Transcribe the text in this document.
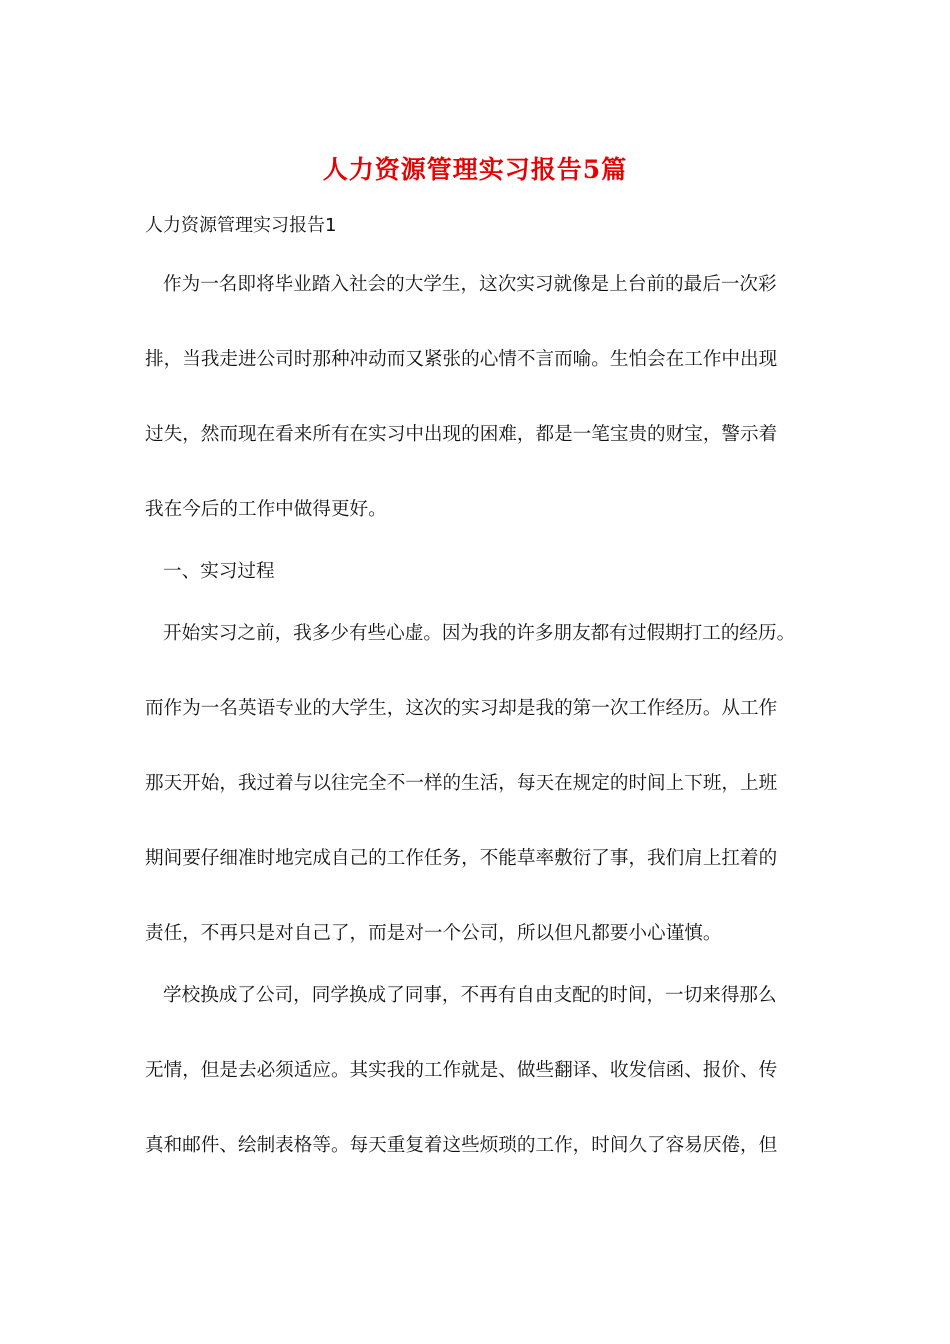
人力资源管理实习报告5篇
人力资源管理实习报告1
作为一名即将毕业踏入社会的大学生，这次实习就像是上台前的最后一次彩
排，当我走进公司时那种冲动而又紧张的心情不言而喻。生怕会在工作中出现
过失，然而现在看来所有在实习中出现的困难，都是一笔宝贵的财宝，警示着
我在今后的工作中做得更好。
一、实习过程
开始实习之前，我多少有些心虚。因为我的许多朋友都有过假期打工的经历。
而作为一名英语专业的大学生，这次的实习却是我的第一次工作经历。从工作
那天开始，我过着与以往完全不一样的生活，每天在规定的时间上下班，上班
期间要仔细准时地完成自己的工作任务，不能草率敷衍了事，我们肩上扛着的
责任，不再只是对自己了，而是对一个公司，所以但凡都要小心谨慎。
学校换成了公司，同学换成了同事，不再有自由支配的时间，一切来得那么
无情，但是去必须适应。其实我的工作就是、做些翻译、收发信函、报价、传
真和邮件、绘制表格等。每天重复着这些烦琐的工作，时间久了容易厌倦，但
